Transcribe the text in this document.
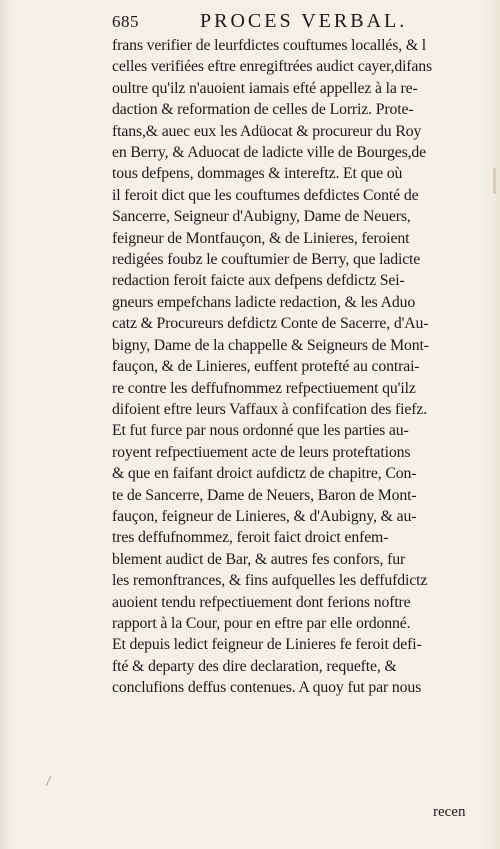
685	PROCES VERBAL.
frans verifier de leurfdictes couftumes locallés, & l
celles verifiées eftre enregiftrées audict cayer,difans
oultre qu'ilz n'auoient iamais efté appellez à la re-
daction & reformation de celles de Lorriz. Prote-
ftans,& auec eux les Adüocat & procureur du Roy
en Berry, & Aduocat de ladicte ville de Bourges,de
tous defpens, dommages & intereftz. Et que où
il feroit dict que les couftumes defdictes Conté de
Sancerre, Seigneur d'Aubigny, Dame de Neuers,
feigneur de Montfauçon, & de Linieres, feroient
redigées foubz le couftumier de Berry, que ladicte
redaction feroit faicte aux defpens defdictz Sei-
gneurs empefchans ladicte redaction, & les Aduo
catz & Procureurs defdictz Conte de Sacerre, d'Au-
bigny, Dame de la chappelle & Seigneurs de Mont-
fauçon, & de Linieres, euffent protefté au contrai-
re contre les deffufnommez refpectiuement qu'ilz
difoient eftre leurs Vaffaux à confifcation des fiefz.
Et fut furce par nous ordonné que les parties au-
royent refpectiuement acte de leurs proteftations
& que en faifant droict aufdictz de chapitre, Con-
te de Sancerre, Dame de Neuers, Baron de Mont-
fauçon, feigneur de Linieres, & d'Aubigny, & au-
tres deffufnommez, feroit faict droict enfem-
blement audict de Bar, & autres fes confors, fur
les remonftrances, & fins aufquelles les deffufdictz
auoient tendu refpectiuement dont ferions noftre
rapport à la Cour, pour en eftre par elle ordonné.
Et depuis ledict feigneur de Linieres fe feroit defi-
fté & departy des dire declaration, requefte, &
conclufions deffus contenues. A quoy fut par nous
recen
